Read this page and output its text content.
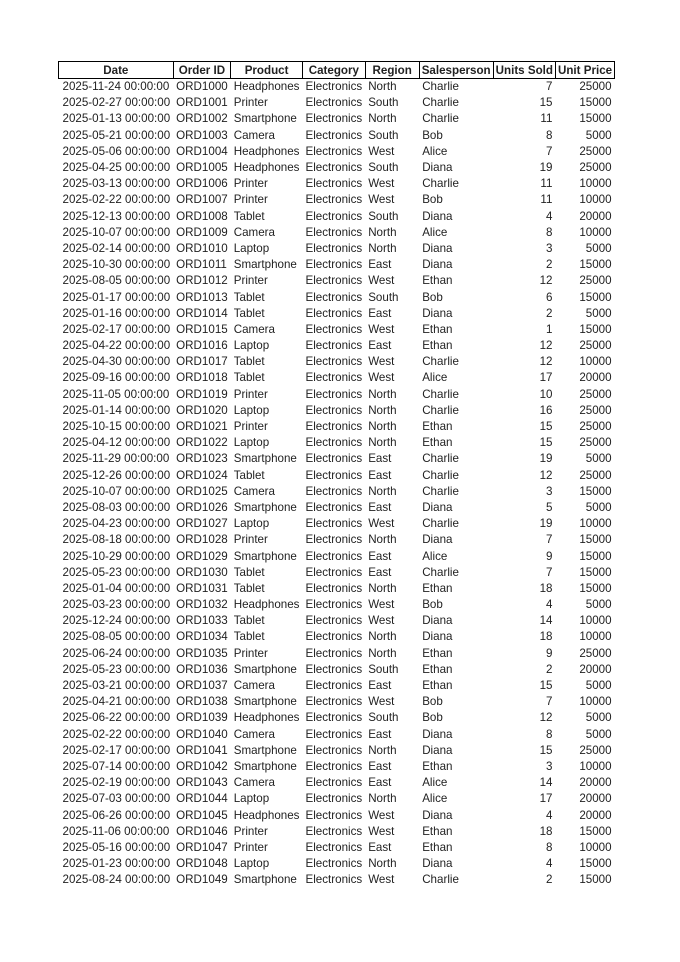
Date	Order ID	Product	Category	Region	Salesperson	Units Sold	Unit Price
2025-11-24 00:00:00	ORD1000	Headphones	Electronics	North	Charlie	7	25000
2025-02-27 00:00:00	ORD1001	Printer	Electronics	South	Charlie	15	15000
2025-01-13 00:00:00	ORD1002	Smartphone	Electronics	North	Charlie	11	15000
2025-05-21 00:00:00	ORD1003	Camera	Electronics	South	Bob	8	5000
2025-05-06 00:00:00	ORD1004	Headphones	Electronics	West	Alice	7	25000
2025-04-25 00:00:00	ORD1005	Headphones	Electronics	South	Diana	19	25000
2025-03-13 00:00:00	ORD1006	Printer	Electronics	West	Charlie	11	10000
2025-02-22 00:00:00	ORD1007	Printer	Electronics	West	Bob	11	10000
2025-12-13 00:00:00	ORD1008	Tablet	Electronics	South	Diana	4	20000
2025-10-07 00:00:00	ORD1009	Camera	Electronics	North	Alice	8	10000
2025-02-14 00:00:00	ORD1010	Laptop	Electronics	North	Diana	3	5000
2025-10-30 00:00:00	ORD1011	Smartphone	Electronics	East	Diana	2	15000
2025-08-05 00:00:00	ORD1012	Printer	Electronics	West	Ethan	12	25000
2025-01-17 00:00:00	ORD1013	Tablet	Electronics	South	Bob	6	15000
2025-01-16 00:00:00	ORD1014	Tablet	Electronics	East	Diana	2	5000
2025-02-17 00:00:00	ORD1015	Camera	Electronics	West	Ethan	1	15000
2025-04-22 00:00:00	ORD1016	Laptop	Electronics	East	Ethan	12	25000
2025-04-30 00:00:00	ORD1017	Tablet	Electronics	West	Charlie	12	10000
2025-09-16 00:00:00	ORD1018	Tablet	Electronics	West	Alice	17	20000
2025-11-05 00:00:00	ORD1019	Printer	Electronics	North	Charlie	10	25000
2025-01-14 00:00:00	ORD1020	Laptop	Electronics	North	Charlie	16	25000
2025-10-15 00:00:00	ORD1021	Printer	Electronics	North	Ethan	15	25000
2025-04-12 00:00:00	ORD1022	Laptop	Electronics	North	Ethan	15	25000
2025-11-29 00:00:00	ORD1023	Smartphone	Electronics	East	Charlie	19	5000
2025-12-26 00:00:00	ORD1024	Tablet	Electronics	East	Charlie	12	25000
2025-10-07 00:00:00	ORD1025	Camera	Electronics	North	Charlie	3	15000
2025-08-03 00:00:00	ORD1026	Smartphone	Electronics	East	Diana	5	5000
2025-04-23 00:00:00	ORD1027	Laptop	Electronics	West	Charlie	19	10000
2025-08-18 00:00:00	ORD1028	Printer	Electronics	North	Diana	7	15000
2025-10-29 00:00:00	ORD1029	Smartphone	Electronics	East	Alice	9	15000
2025-05-23 00:00:00	ORD1030	Tablet	Electronics	East	Charlie	7	15000
2025-01-04 00:00:00	ORD1031	Tablet	Electronics	North	Ethan	18	15000
2025-03-23 00:00:00	ORD1032	Headphones	Electronics	West	Bob	4	5000
2025-12-24 00:00:00	ORD1033	Tablet	Electronics	West	Diana	14	10000
2025-08-05 00:00:00	ORD1034	Tablet	Electronics	North	Diana	18	10000
2025-06-24 00:00:00	ORD1035	Printer	Electronics	North	Ethan	9	25000
2025-05-23 00:00:00	ORD1036	Smartphone	Electronics	South	Ethan	2	20000
2025-03-21 00:00:00	ORD1037	Camera	Electronics	East	Ethan	15	5000
2025-04-21 00:00:00	ORD1038	Smartphone	Electronics	West	Bob	7	10000
2025-06-22 00:00:00	ORD1039	Headphones	Electronics	South	Bob	12	5000
2025-02-22 00:00:00	ORD1040	Camera	Electronics	East	Diana	8	5000
2025-02-17 00:00:00	ORD1041	Smartphone	Electronics	North	Diana	15	25000
2025-07-14 00:00:00	ORD1042	Smartphone	Electronics	East	Ethan	3	10000
2025-02-19 00:00:00	ORD1043	Camera	Electronics	East	Alice	14	20000
2025-07-03 00:00:00	ORD1044	Laptop	Electronics	North	Alice	17	20000
2025-06-26 00:00:00	ORD1045	Headphones	Electronics	West	Diana	4	20000
2025-11-06 00:00:00	ORD1046	Printer	Electronics	West	Ethan	18	15000
2025-05-16 00:00:00	ORD1047	Printer	Electronics	East	Ethan	8	10000
2025-01-23 00:00:00	ORD1048	Laptop	Electronics	North	Diana	4	15000
2025-08-24 00:00:00	ORD1049	Smartphone	Electronics	West	Charlie	2	15000
